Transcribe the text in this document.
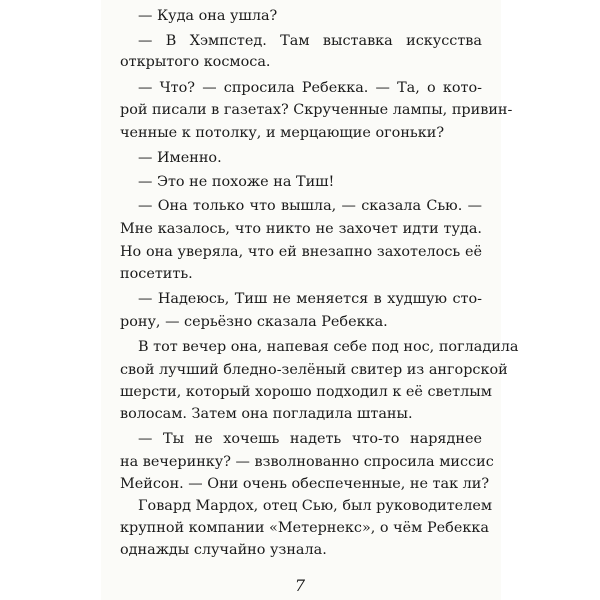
— Куда она ушла?
— В Хэмпстед. Там выставка искусства
открытого космоса.
— Что? — спросила Ребекка. — Та, о кото-
рой писали в газетах? Скрученные лампы, привин-
ченные к потолку, и мерцающие огоньки?
— Именно.
— Это не похоже на Тиш!
— Она только что вышла, — сказала Сью. —
Мне казалось, что никто не захочет идти туда.
Но она уверяла, что ей внезапно захотелось её
посетить.
— Надеюсь, Тиш не меняется в худшую сто-
рону, — серьёзно сказала Ребекка.
В тот вечер она, напевая себе под нос, погладила
свой лучший бледно-зелёный свитер из ангорской
шерсти, который хорошо подходил к её светлым
волосам. Затем она погладила штаны.
— Ты не хочешь надеть что-то наряднее
на вечеринку? — взволнованно спросила миссис
Мейсон. — Они очень обеспеченные, не так ли?
Говард Мардох, отец Сью, был руководителем
крупной компании «Метернекс», о чём Ребекка
однажды случайно узнала.
7
